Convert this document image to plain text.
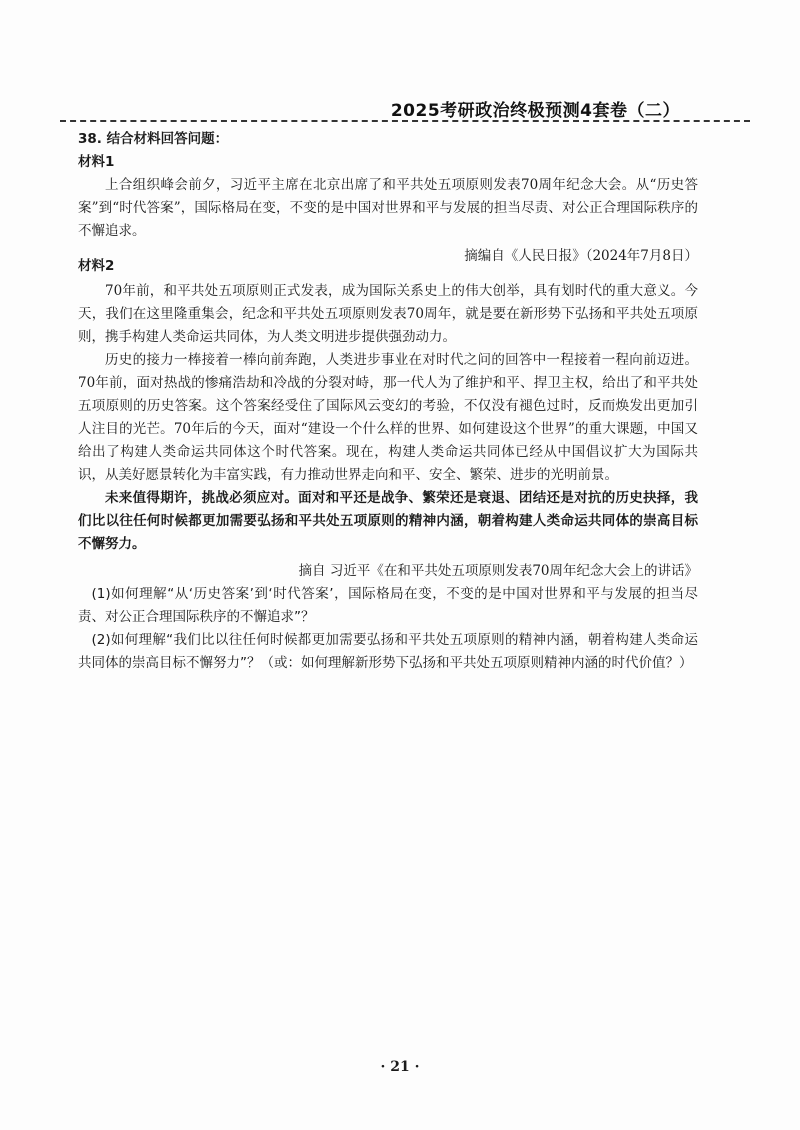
2025考研政治终极预测4套卷（二）

38. 结合材料回答问题：

材料1

上合组织峰会前夕，习近平主席在北京出席了和平共处五项原则发表70周年纪念大会。从“历史答案”到“时代答案”，国际格局在变，不变的是中国对世界和平与发展的担当尽责、对公正合理国际秩序的不懈追求。

摘编自《人民日报》（2024年7月8日）

材料2

70年前，和平共处五项原则正式发表，成为国际关系史上的伟大创举，具有划时代的重大意义。今天，我们在这里隆重集会，纪念和平共处五项原则发表70周年，就是要在新形势下弘扬和平共处五项原则，携手构建人类命运共同体，为人类文明进步提供强劲动力。

历史的接力一棒接着一棒向前奔跑，人类进步事业在对时代之问的回答中一程接着一程向前迈进。70年前，面对热战的惨痛浩劫和冷战的分裂对峙，那一代人为了维护和平、捍卫主权，给出了和平共处五项原则的历史答案。这个答案经受住了国际风云变幻的考验，不仅没有褪色过时，反而焕发出更加引人注目的光芒。70年后的今天，面对“建设一个什么样的世界、如何建设这个世界”的重大课题，中国又给出了构建人类命运共同体这个时代答案。现在，构建人类命运共同体已经从中国倡议扩大为国际共识，从美好愿景转化为丰富实践，有力推动世界走向和平、安全、繁荣、进步的光明前景。

未来值得期许，挑战必须应对。面对和平还是战争、繁荣还是衰退、团结还是对抗的历史抉择，我们比以往任何时候都更加需要弘扬和平共处五项原则的精神内涵，朝着构建人类命运共同体的崇高目标不懈努力。

摘自 习近平《在和平共处五项原则发表70周年纪念大会上的讲话》

(1)如何理解“从‘历史答案’到‘时代答案’，国际格局在变，不变的是中国对世界和平与发展的担当尽责、对公正合理国际秩序的不懈追求”？

(2)如何理解“我们比以往任何时候都更加需要弘扬和平共处五项原则的精神内涵，朝着构建人类命运共同体的崇高目标不懈努力”？（或：如何理解新形势下弘扬和平共处五项原则精神内涵的时代价值？）

· 21 ·
